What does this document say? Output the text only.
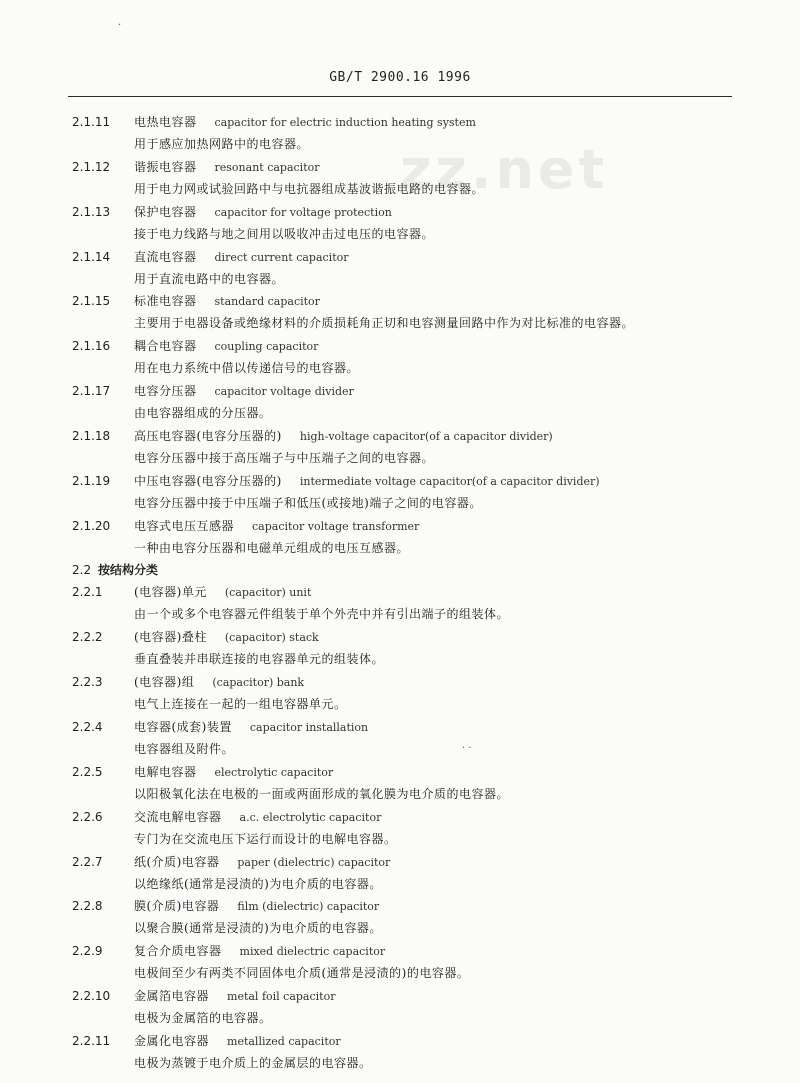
·
· ·
GB/T 2900.16 1996
zz.net
2.1.11	电热电容器 capacitor for electric induction heating system
用于感应加热网路中的电容器。
2.1.12	谐振电容器 resonant capacitor
用于电力网或试验回路中与电抗器组成基波谐振电路的电容器。
2.1.13	保护电容器 capacitor for voltage protection
接于电力线路与地之间用以吸收冲击过电压的电容器。
2.1.14	直流电容器 direct current capacitor
用于直流电路中的电容器。
2.1.15	标准电容器 standard capacitor
主要用于电器设备或绝缘材料的介质损耗角正切和电容测量回路中作为对比标准的电容器。
2.1.16	耦合电容器 coupling capacitor
用在电力系统中借以传递信号的电容器。
2.1.17	电容分压器 capacitor voltage divider
由电容器组成的分压器。
2.1.18	高压电容器(电容分压器的) high-voltage capacitor(of a capacitor divider)
电容分压器中接于高压端子与中压端子之间的电容器。
2.1.19	中压电容器(电容分压器的) intermediate voltage capacitor(of a capacitor divider)
电容分压器中接于中压端子和低压(或接地)端子之间的电容器。
2.1.20	电容式电压互感器 capacitor voltage transformer
一种由电容分压器和电磁单元组成的电压互感器。
2.2 按结构分类
2.2.1	(电容器)单元 (capacitor) unit
由一个或多个电容器元件组装于单个外壳中并有引出端子的组装体。
2.2.2	(电容器)叠柱 (capacitor) stack
垂直叠装并串联连接的电容器单元的组装体。
2.2.3	(电容器)组 (capacitor) bank
电气上连接在一起的一组电容器单元。
2.2.4	电容器(成套)装置 capacitor installation
电容器组及附件。
2.2.5	电解电容器 electrolytic capacitor
以阳极氧化法在电极的一面或两面形成的氧化膜为电介质的电容器。
2.2.6	交流电解电容器 a.c. electrolytic capacitor
专门为在交流电压下运行而设计的电解电容器。
2.2.7	纸(介质)电容器 paper (dielectric) capacitor
以绝缘纸(通常是浸渍的)为电介质的电容器。
2.2.8	膜(介质)电容器 film (dielectric) capacitor
以聚合膜(通常是浸渍的)为电介质的电容器。
2.2.9	复合介质电容器 mixed dielectric capacitor
电极间至少有两类不同固体电介质(通常是浸渍的)的电容器。
2.2.10	金属箔电容器 metal foil capacitor
电极为金属箔的电容器。
2.2.11	金属化电容器 metallized capacitor
电极为蒸镀于电介质上的金属层的电容器。
